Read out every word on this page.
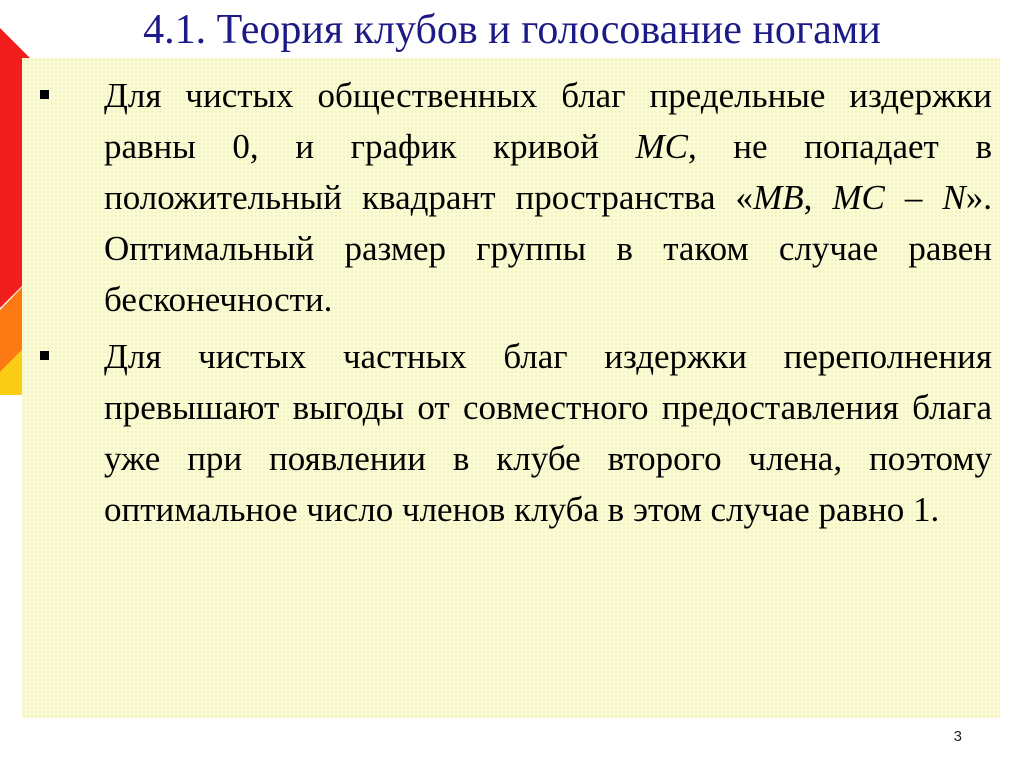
4.1. Теория клубов и голосование ногами
Для чистых общественных благ предельные издержки равны 0, и график кривой MC, не попадает в положительный квадрант пространства «MB, MC – N». Оптимальный размер группы в таком случае равен бесконечности.
Для чистых частных благ издержки переполнения превышают выгоды от совместного предоставления блага уже при появлении в клубе второго члена, поэтому оптимальное число членов клуба в этом случае равно 1.
3
